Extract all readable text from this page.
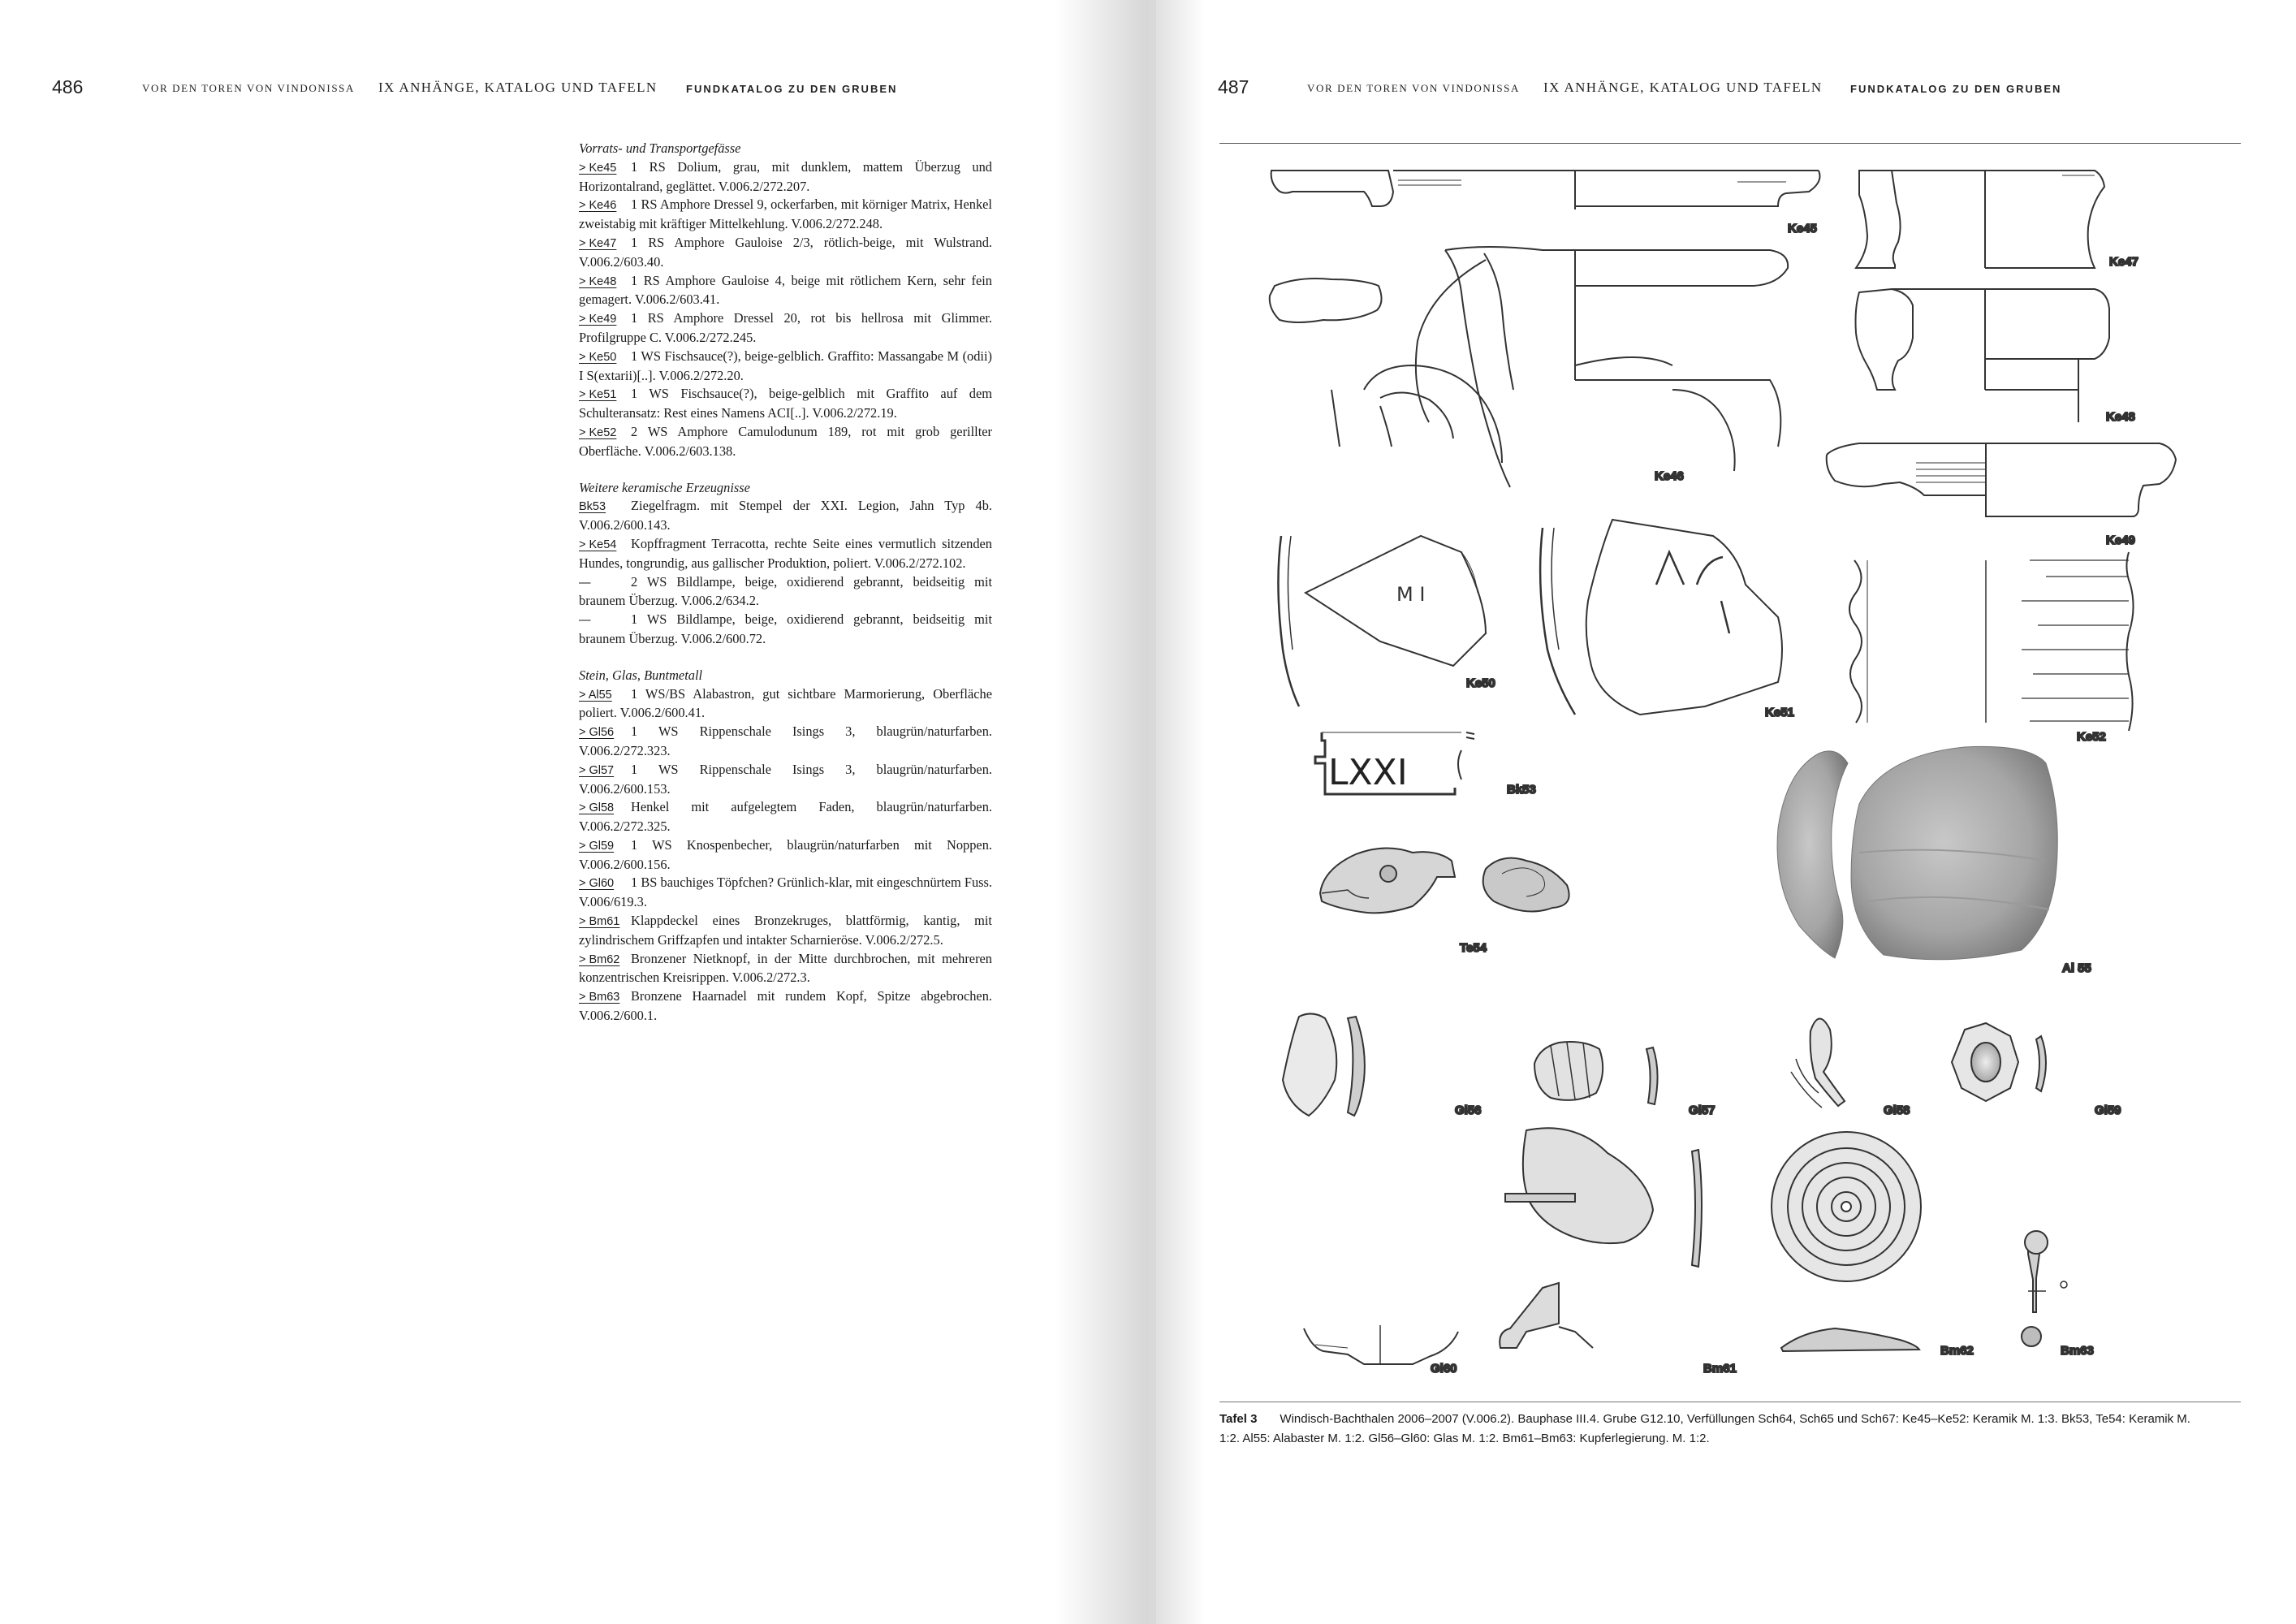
486	VOR DEN TOREN VON VINDONISSA IX ANHÄNGE, KATALOG UND TAFELN	FUNDKATALOG ZU DEN GRUBEN
Vorrats- und Transportgefässe
> Ke45 1 RS Dolium, grau, mit dunklem, mattem Überzug und Horizontalrand, geglättet. V.006.2/272.207.
> Ke46 1 RS Amphore Dressel 9, ockerfarben, mit körniger Matrix, Henkel zweistabig mit kräftiger Mittelkehlung. V.006.2/272.248.
> Ke47 1 RS Amphore Gauloise 2/3, rötlich-beige, mit Wulstrand. V.006.2/603.40.
> Ke48 1 RS Amphore Gauloise 4, beige mit rötlichem Kern, sehr fein gemagert. V.006.2/603.41.
> Ke49 1 RS Amphore Dressel 20, rot bis hellrosa mit Glimmer. Profilgruppe C. V.006.2/272.245.
> Ke50 1 WS Fischsauce(?), beige-gelblich. Graffito: Massangabe M (odii) I S(extarii)[..]. V.006.2/272.20.
> Ke51 1 WS Fischsauce(?), beige-gelblich mit Graffito auf dem Schulteransatz: Rest eines Namens ACI[..]. V.006.2/272.19.
> Ke52 2 WS Amphore Camulodunum 189, rot mit grob gerillter Oberfläche. V.006.2/603.138.
Weitere keramische Erzeugnisse
Bk53 Ziegelfragm. mit Stempel der XXI. Legion, Jahn Typ 4b. V.006.2/600.143.
> Ke54 Kopffragment Terracotta, rechte Seite eines vermutlich sitzenden Hundes, tongrundig, aus gallischer Produktion, poliert. V.006.2/272.102.
—	2 WS Bildlampe, beige, oxidierend gebrannt, beidseitig mit braunem Überzug. V.006.2/634.2.
—	1 WS Bildlampe, beige, oxidierend gebrannt, beidseitig mit braunem Überzug. V.006.2/600.72.
Stein, Glas, Buntmetall
> Al55 1 WS/BS Alabastron, gut sichtbare Marmorierung, Oberfläche poliert. V.006.2/600.41.
> Gl56 1 WS Rippenschale Isings 3, blaugrün/naturfarben. V.006.2/272.323.
> Gl57 1 WS Rippenschale Isings 3, blaugrün/naturfarben. V.006.2/600.153.
> Gl58 Henkel mit aufgelegtem Faden, blaugrün/naturfarben. V.006.2/272.325.
> Gl59 1 WS Knospenbecher, blaugrün/naturfarben mit Noppen. V.006.2/600.156.
> Gl60 1 BS bauchiges Töpfchen? Grünlich-klar, mit eingeschnürtem Fuss. V.006/619.3.
> Bm61 Klappdeckel eines Bronzekruges, blattförmig, kantig, mit zylindrischem Griffzapfen und intakter Scharnieröse. V.006.2/272.5.
> Bm62 Bronzener Nietknopf, in der Mitte durchbrochen, mit mehreren konzentrischen Kreisrippen. V.006.2/272.3.
> Bm63 Bronzene Haarnadel mit rundem Kopf, Spitze abgebrochen. V.006.2/600.1.
487	VOR DEN TOREN VON VINDONISSA IX ANHÄNGE, KATALOG UND TAFELN	FUNDKATALOG ZU DEN GRUBEN
Ke45
Ke47
Ke46
Ke48
Ke49
M I
Ke50
Ke51
Ke52
LXXI	Bk53
Te54
Al 55
Gl56	Gl57	Gl58	Gl59
Bm61
Gl60
Bm62	Bm63
Tafel 3 Windisch-Bachthalen 2006–2007 (V.006.2). Bauphase III.4. Grube G12.10, Verfüllungen Sch64, Sch65 und Sch67: Ke45–Ke52: Keramik M. 1:3. Bk53, Te54: Keramik M. 1:2. Al55: Alabaster M. 1:2. Gl56–Gl60: Glas M. 1:2. Bm61–Bm63: Kupferlegierung. M. 1:2.
